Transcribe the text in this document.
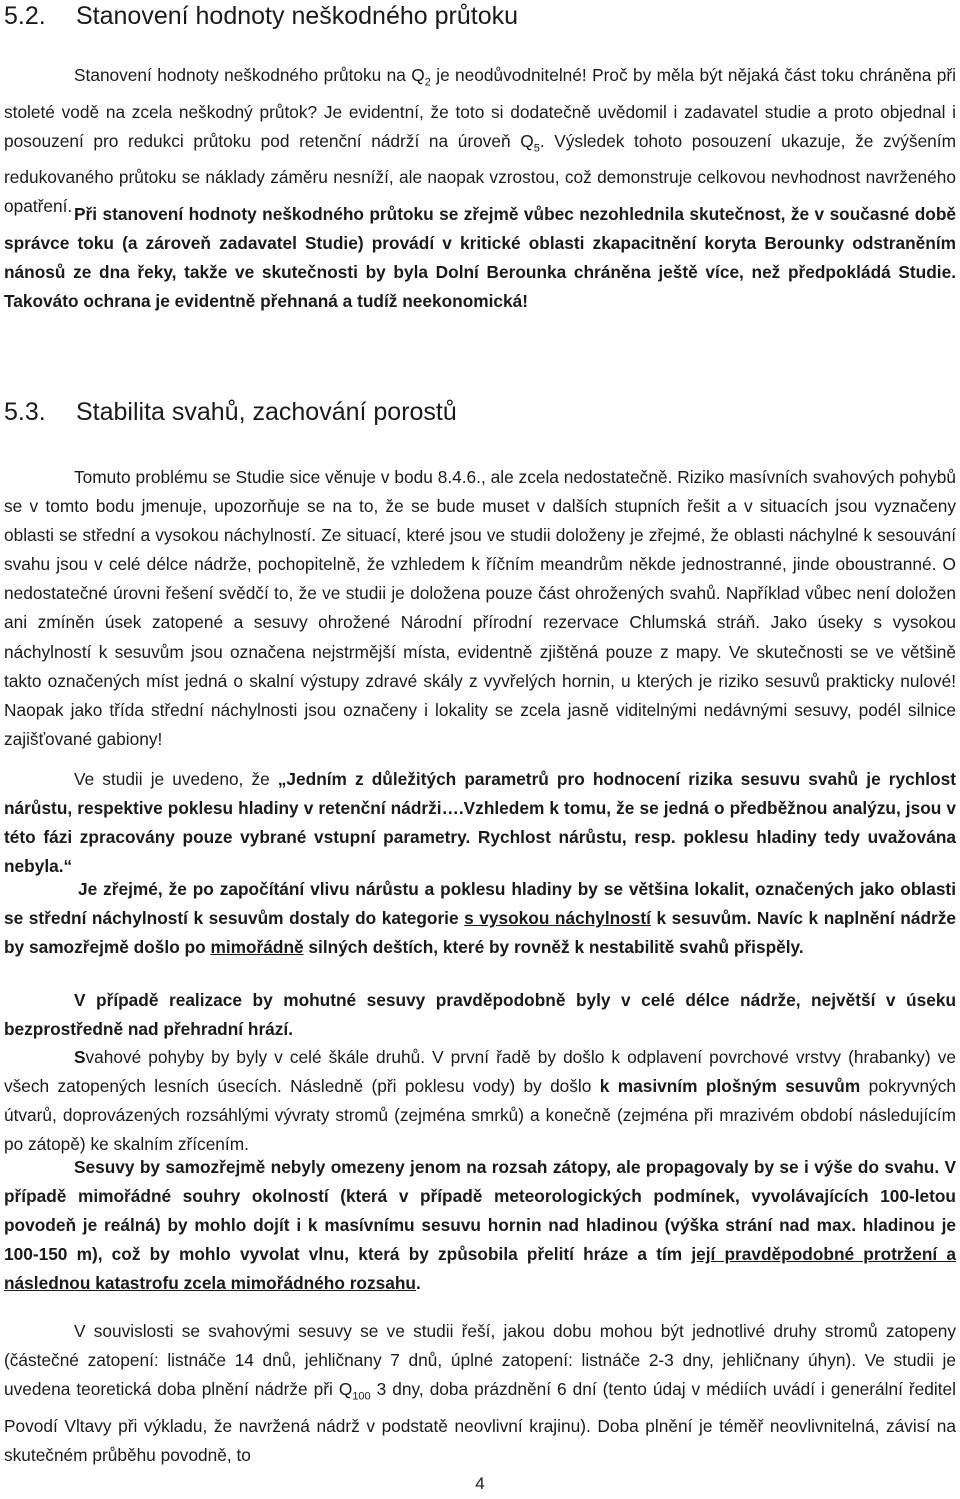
5.2. Stanovení hodnoty neškodného průtoku

Stanovení hodnoty neškodného průtoku na $Q_2$ je neodůvodnitelné! Proč by měla být nějaká část toku chráněna při stoleté vodě na zcela neškodný průtok? Je evidentní, že toto si dodatečně uvědomil i zadavatel studie a proto objednal i posouzení pro redukci průtoku pod retenční nádrží na úroveň $Q_5$. Výsledek tohoto posouzení ukazuje, že zvýšením redukovaného průtoku se náklady záměru nesníží, ale naopak vzrostou, což demonstruje celkovou nevhodnost navrženého opatření. Při stanovení hodnoty neškodného průtoku se zřejmě vůbec nezohlednila skutečnost, že v současné době správce toku (a zároveň zadavatel Studie) provádí v kritické oblasti zkapacitnění koryta Berounky odstraněním nánosů ze dna řeky, takže ve skutečnosti by byla Dolní Berounka chráněna ještě více, než předpokládá Studie. Takováto ochrana je evidentně přehnaná a tudíž neekonomická!

5.3. Stabilita svahů, zachování porostů

Tomuto problému se Studie sice věnuje v bodu 8.4.6., ale zcela nedostatečně. Riziko masívních svahových pohybů se v tomto bodu jmenuje, upozorňuje se na to, že se bude muset v dalších stupních řešit a v situacích jsou vyznačeny oblasti se střední a vysokou náchylností. Ze situací, které jsou ve studii doloženy je zřejmé, že oblasti náchylné k sesouvání svahu jsou v celé délce nádrže, pochopitelně, že vzhledem k říčním meandrům někde jednostranné, jinde oboustranné. O nedostatečné úrovni řešení svědčí to, že ve studii je doložena pouze část ohrožených svahů. Například vůbec není doložen ani zmíněn úsek zatopené a sesuvy ohrožené Národní přírodní rezervace Chlumská stráň. Jako úseky s vysokou náchylností k sesuvům jsou označena nejstrmější místa, evidentně zjištěná pouze z mapy. Ve skutečnosti se ve většině takto označených míst jedná o skalní výstupy zdravé skály z vyvřelých hornin, u kterých je riziko sesuvů prakticky nulové! Naopak jako třída střední náchylnosti jsou označeny i lokality se zcela jasně viditelnými nedávnými sesuvy, podél silnice zajišťované gabiony!

Ve studii je uvedeno, že „Jedním z důležitých parametrů pro hodnocení rizika sesuvu svahů je rychlost nárůstu, respektive poklesu hladiny v retenční nádrži….Vzhledem k tomu, že se jedná o předběžnou analýzu, jsou v této fázi zpracovány pouze vybrané vstupní parametry. Rychlost nárůstu, resp. poklesu hladiny tedy uvažována nebyla.“

Je zřejmé, že po započítání vlivu nárůstu a poklesu hladiny by se většina lokalit, označených jako oblasti se střední náchylností k sesuvům dostaly do kategorie s vysokou náchylností k sesuvům. Navíc k naplnění nádrže by samozřejmě došlo po mimořádně silných deštích, které by rovněž k nestabilitě svahů přispěly.

V případě realizace by mohutné sesuvy pravděpodobně byly v celé délce nádrže, největší v úseku bezprostředně nad přehradní hrází.

Svahové pohyby by byly v celé škále druhů. V první řadě by došlo k odplavení povrchové vrstvy (hrabanky) ve všech zatopených lesních úsecích. Následně (při poklesu vody) by došlo k masivním plošným sesuvům pokryvných útvarů, doprovázených rozsáhlými vývraty stromů (zejména smrků) a konečně (zejména při mrazivém období následujícím po zátopě) ke skalním zřícením.

Sesuvy by samozřejmě nebyly omezeny jenom na rozsah zátopy, ale propagovaly by se i výše do svahu. V případě mimořádné souhry okolností (která v případě meteorologických podmínek, vyvolávajících 100-letou povodeň je reálná) by mohlo dojít i k masívnímu sesuvu hornin nad hladinou (výška strání nad max. hladinou je 100-150 m), což by mohlo vyvolat vlnu, která by způsobila přelití hráze a tím její pravděpodobné protržení a následnou katastrofu zcela mimořádného rozsahu.

V souvislosti se svahovými sesuvy se ve studii řeší, jakou dobu mohou být jednotlivé druhy stromů zatopeny (částečné zatopení: listnáče 14 dnů, jehličnany 7 dnů, úplné zatopení: listnáče 2-3 dny, jehličnany úhyn). Ve studii je uvedena teoretická doba plnění nádrže při $Q_{100}$ 3 dny, doba prázdnění 6 dní (tento údaj v médiích uvádí i generální ředitel Povodí Vltavy při výkladu, že navržená nádrž v podstatě neovlivní krajinu). Doba plnění je téměř neovlivnitelná, závisí na skutečném průběhu povodně, to

4
